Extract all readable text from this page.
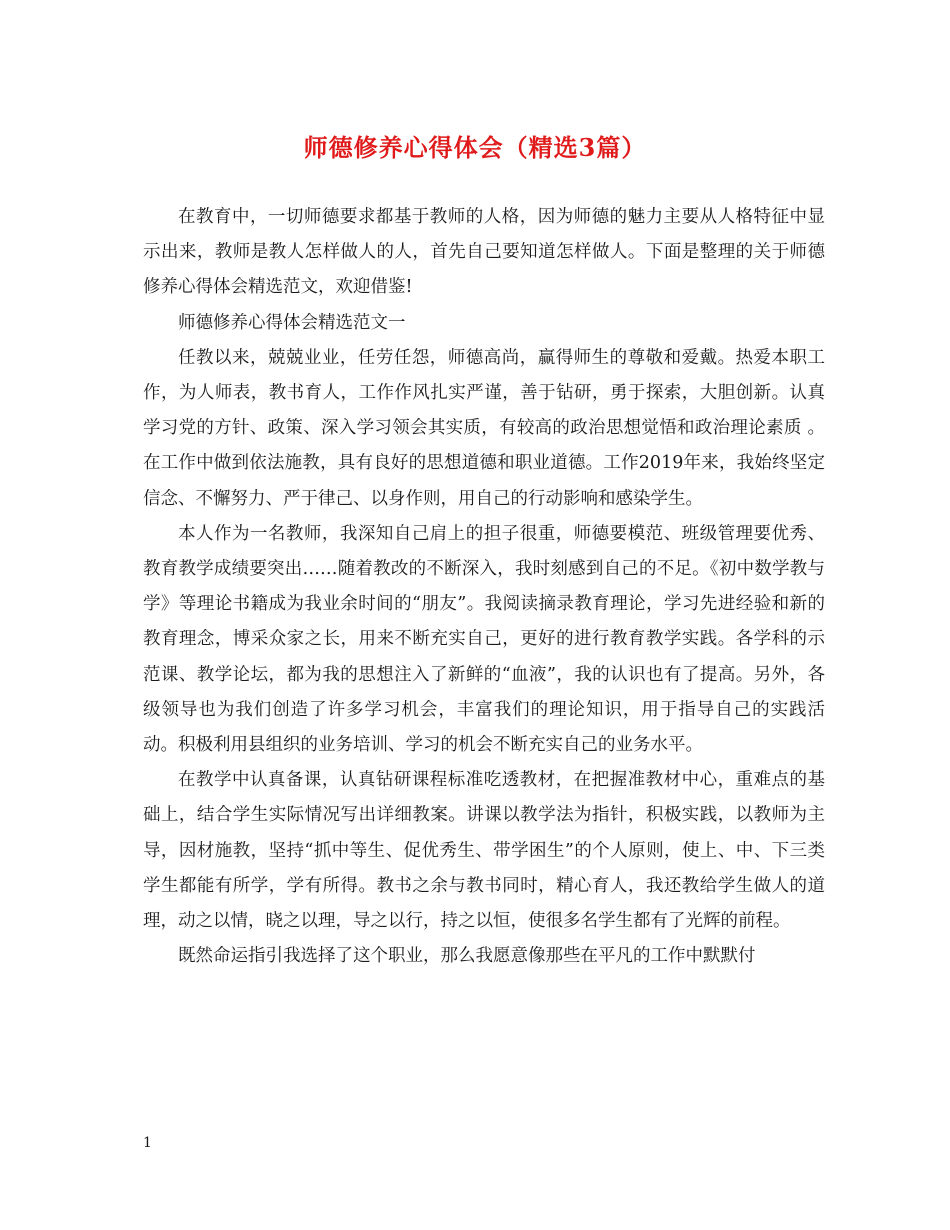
师德修养心得体会（精选3篇）

在教育中，一切师德要求都基于教师的人格，因为师德的魅力主要从人格特征中显示出来，教师是教人怎样做人的人，首先自己要知道怎样做人。下面是整理的关于师德修养心得体会精选范文，欢迎借鉴!

师德修养心得体会精选范文一

任教以来，兢兢业业，任劳任怨，师德高尚，赢得师生的尊敬和爱戴。热爱本职工作，为人师表，教书育人，工作作风扎实严谨，善于钻研，勇于探索，大胆创新。认真学习党的方针、政策、深入学习领会其实质，有较高的政治思想觉悟和政治理论素质 。在工作中做到依法施教，具有良好的思想道德和职业道德。工作2019年来，我始终坚定信念、不懈努力、严于律己、以身作则，用自己的行动影响和感染学生。

本人作为一名教师，我深知自己肩上的担子很重，师德要模范、班级管理要优秀、教育教学成绩要突出……随着教改的不断深入，我时刻感到自己的不足。《初中数学教与学》等理论书籍成为我业余时间的“朋友”。我阅读摘录教育理论，学习先进经验和新的教育理念，博采众家之长，用来不断充实自己，更好的进行教育教学实践。各学科的示范课、教学论坛，都为我的思想注入了新鲜的“血液”，我的认识也有了提高。另外，各级领导也为我们创造了许多学习机会，丰富我们的理论知识，用于指导自己的实践活动。积极利用县组织的业务培训、学习的机会不断充实自己的业务水平。

在教学中认真备课，认真钻研课程标准吃透教材，在把握准教材中心，重难点的基础上，结合学生实际情况写出详细教案。讲课以教学法为指针，积极实践，以教师为主导，因材施教，坚持“抓中等生、促优秀生、带学困生”的个人原则，使上、中、下三类学生都能有所学，学有所得。教书之余与教书同时，精心育人，我还教给学生做人的道理，动之以情，晓之以理，导之以行，持之以恒，使很多名学生都有了光辉的前程。

既然命运指引我选择了这个职业，那么我愿意像那些在平凡的工作中默默付

1
